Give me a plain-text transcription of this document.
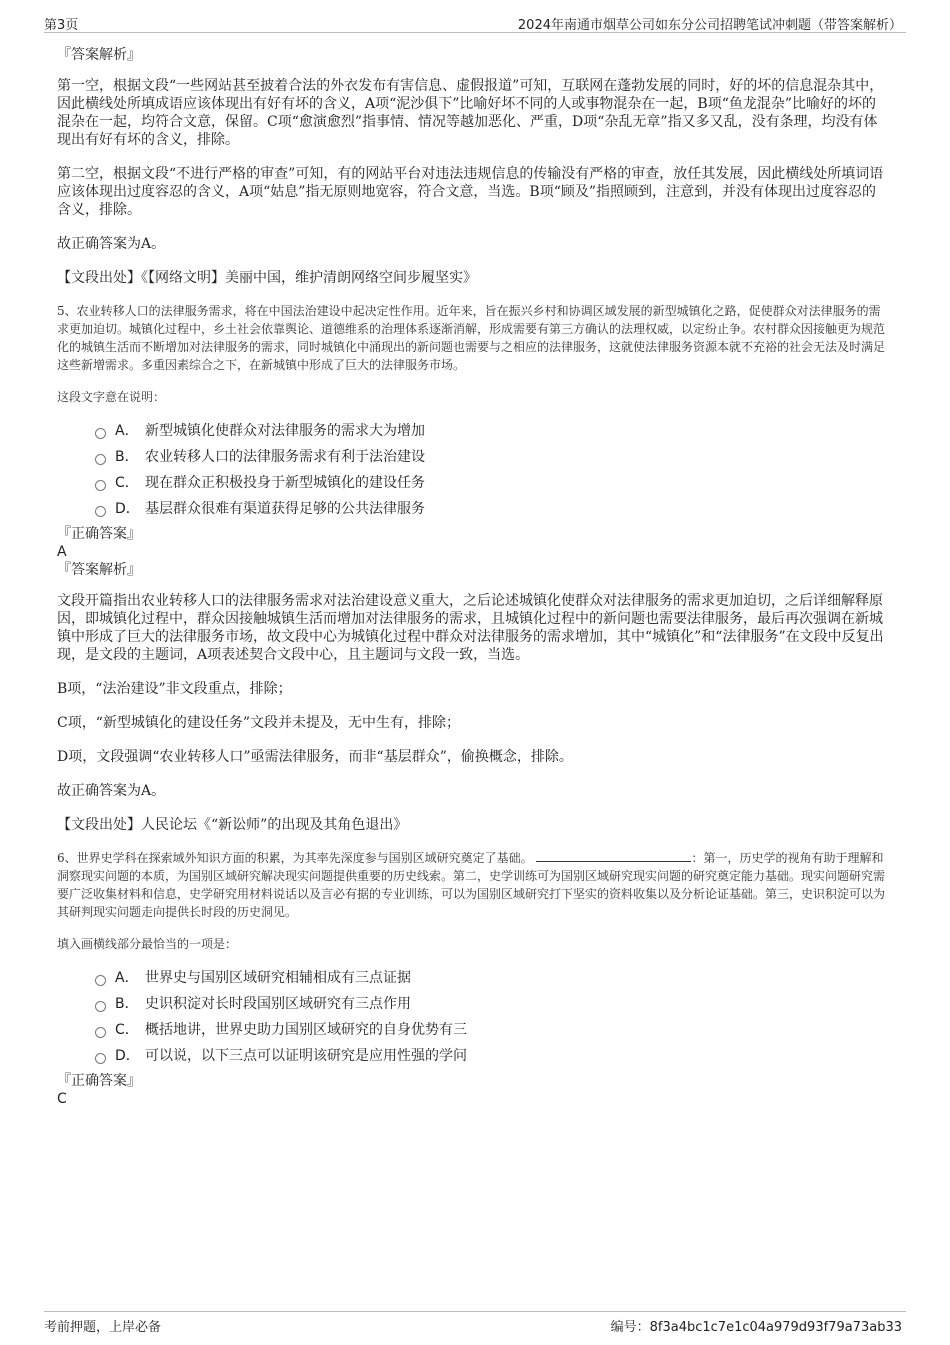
第3页	2024年南通市烟草公司如东分公司招聘笔试冲刺题（带答案解析）

『答案解析』

第一空，根据文段“一些网站甚至披着合法的外衣发布有害信息、虚假报道”可知，互联网在蓬勃发展的同时，好的坏的信息混杂其中，因此横线处所填成语应该体现出有好有坏的含义，A项“泥沙俱下”比喻好坏不同的人或事物混杂在一起，B项“鱼龙混杂”比喻好的坏的混杂在一起，均符合文意，保留。C项“愈演愈烈”指事情、情况等越加恶化、严重，D项“杂乱无章”指又多又乱，没有条理，均没有体现出有好有坏的含义，排除。

第二空，根据文段“不进行严格的审查”可知，有的网站平台对违法违规信息的传输没有严格的审查，放任其发展，因此横线处所填词语应该体现出过度容忍的含义，A项“姑息”指无原则地宽容，符合文意，当选。B项“顾及”指照顾到，注意到，并没有体现出过度容忍的含义，排除。

故正确答案为A。

【文段出处】《【网络文明】美丽中国，维护清朗网络空间步履坚实》

5、农业转移人口的法律服务需求，将在中国法治建设中起决定性作用。近年来，旨在振兴乡村和协调区域发展的新型城镇化之路，促使群众对法律服务的需求更加迫切。城镇化过程中，乡土社会依靠舆论、道德维系的治理体系逐渐消解，形成需要有第三方确认的法理权威，以定纷止争。农村群众因接触更为规范化的城镇生活而不断增加对法律服务的需求，同时城镇化中涌现出的新问题也需要与之相应的法律服务，这就使法律服务资源本就不充裕的社会无法及时满足这些新增需求。多重因素综合之下，在新城镇中形成了巨大的法律服务市场。

这段文字意在说明：

A． 新型城镇化使群众对法律服务的需求大为增加
B． 农业转移人口的法律服务需求有利于法治建设
C． 现在群众正积极投身于新型城镇化的建设任务
D． 基层群众很难有渠道获得足够的公共法律服务

『正确答案』

A

『答案解析』

文段开篇指出农业转移人口的法律服务需求对法治建设意义重大，之后论述城镇化使群众对法律服务的需求更加迫切，之后详细解释原因，即城镇化过程中，群众因接触城镇生活而增加对法律服务的需求，且城镇化过程中的新问题也需要法律服务，最后再次强调在新城镇中形成了巨大的法律服务市场，故文段中心为城镇化过程中群众对法律服务的需求增加，其中“城镇化”和“法律服务”在文段中反复出现，是文段的主题词，A项表述契合文段中心，且主题词与文段一致，当选。

B项，“法治建设”非文段重点，排除；

C项，“新型城镇化的建设任务”文段并未提及，无中生有，排除；

D项，文段强调“农业转移人口”亟需法律服务，而非“基层群众”，偷换概念，排除。

故正确答案为A。

【文段出处】人民论坛《“新讼师”的出现及其角色退出》

6、世界史学科在探索域外知识方面的积累，为其率先深度参与国别区域研究奠定了基础。	：第一，历史学的视角有助于理解和洞察现实问题的本质，为国别区域研究解决现实问题提供重要的历史线索。第二，史学训练可为国别区域研究现实问题的研究奠定能力基础。现实问题研究需要广泛收集材料和信息，史学研究用材料说话以及言必有据的专业训练，可以为国别区域研究打下坚实的资料收集以及分析论证基础。第三，史识积淀可以为其研判现实问题走向提供长时段的历史洞见。

填入画横线部分最恰当的一项是：

A． 世界史与国别区域研究相辅相成有三点证据
B． 史识积淀对长时段国别区域研究有三点作用
C． 概括地讲，世界史助力国别区域研究的自身优势有三
D． 可以说，以下三点可以证明该研究是应用性强的学问

『正确答案』

C

考前押题，上岸必备	编号：8f3a4bc1c7e1c04a979d93f79a73ab33
